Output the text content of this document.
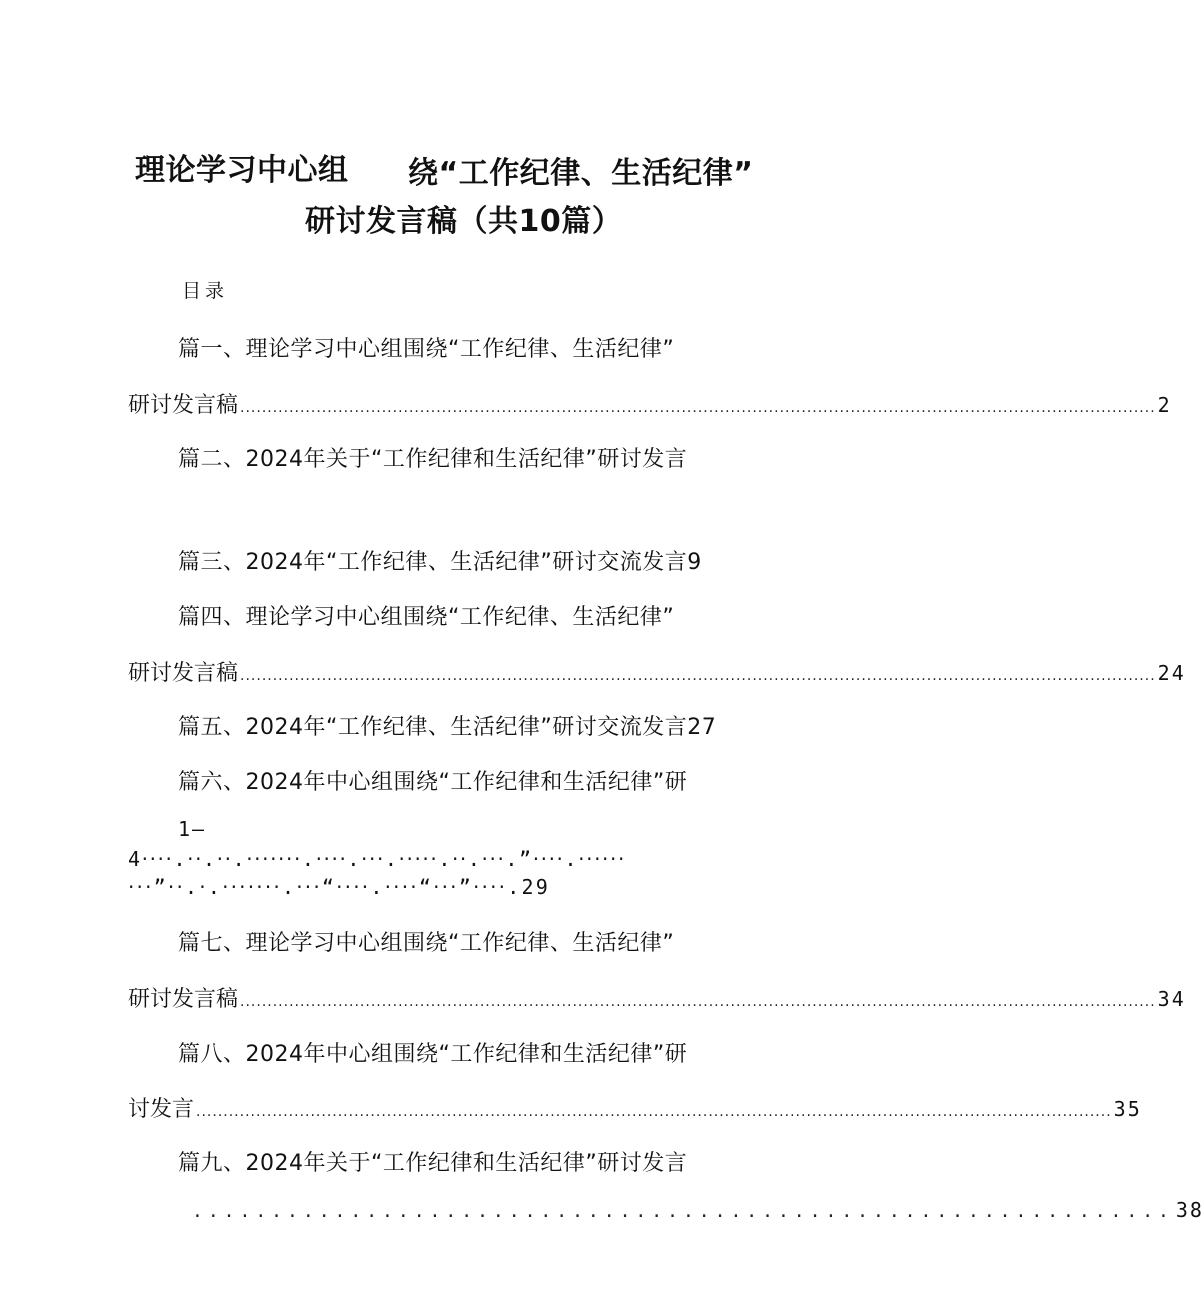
理论学习中心组 绕“工作纪律、生活纪律”
研讨发言稿（共10篇）
目录
篇一、理论学习中心组围绕“工作纪律、生活纪律”
研讨发言稿 ........................................................................................................................................................................ 2
篇二、2024年关于“工作纪律和生活纪律”研讨发言
篇三、2024年“工作纪律、生活纪律”研讨交流发言9
篇四、理论学习中心组围绕“工作纪律、生活纪律”
研讨发言稿 ........................................................................................................................................................................ 24
篇五、2024年“工作纪律、生活纪律”研讨交流发言27
篇六、2024年中心组围绕“工作纪律和生活纪律”研
1—
4‧‧‧‧.‧‧.‧‧.‧‧‧‧‧‧‧.‧‧‧‧.‧‧‧.‧‧‧‧‧.‧‧.‧‧‧.”‧‧‧‧.‧‧‧‧‧‧
‧‧‧”‧‧.‧.‧‧‧‧‧‧‧.‧‧‧“‧‧‧‧.‧‧‧‧“‧‧‧”‧‧‧‧.29
篇七、理论学习中心组围绕“工作纪律、生活纪律”
研讨发言稿 ........................................................................................................................................................................ 34
篇八、2024年中心组围绕“工作纪律和生活纪律”研
讨发言 ........................................................................................................................................................................ 35
篇九、2024年关于“工作纪律和生活纪律”研讨发言
.............................................................. 38
